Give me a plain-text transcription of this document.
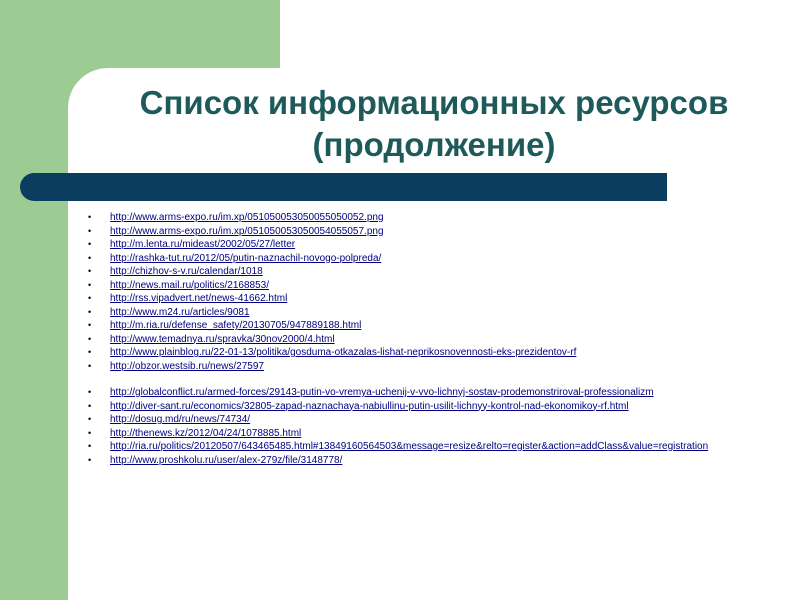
Список информационных ресурсов
(продолжение)
• http://www.arms-expo.ru/im.xp/051050053050055050052.png
• http://www.arms-expo.ru/im.xp/051050053050054055057.png
• http://m.lenta.ru/mideast/2002/05/27/letter
• http://rashka-tut.ru/2012/05/putin-naznachil-novogo-polpreda/
• http://chizhov-s-v.ru/calendar/1018
• http://news.mail.ru/politics/2168853/
• http://rss.vipadvert.net/news-41662.html
• http://www.m24.ru/articles/9081
• http://m.ria.ru/defense_safety/20130705/947889188.html
• http://www.temadnya.ru/spravka/30nov2000/4.html
• http://www.plainblog.ru/22-01-13/politika/gosduma-otkazalas-lishat-neprikosnovennosti-eks-prezidentov-rf
• http://obzor.westsib.ru/news/27597
• http://globalconflict.ru/armed-forces/29143-putin-vo-vremya-uchenij-v-vvo-lichnyj-sostav-prodemonstriroval-professionalizm
• http://diver-sant.ru/economics/32805-zapad-naznachaya-nabiullinu-putin-usilit-lichnyy-kontrol-nad-ekonomikoy-rf.html
• http://dosug.md/ru/news/74734/
• http://thenews.kz/2012/04/24/1078885.html
• http://ria.ru/politics/20120507/643465485.html#13849160564503&message=resize&relto=register&action=addClass&value=registration
• http://www.proshkolu.ru/user/alex-279z/file/3148778/
